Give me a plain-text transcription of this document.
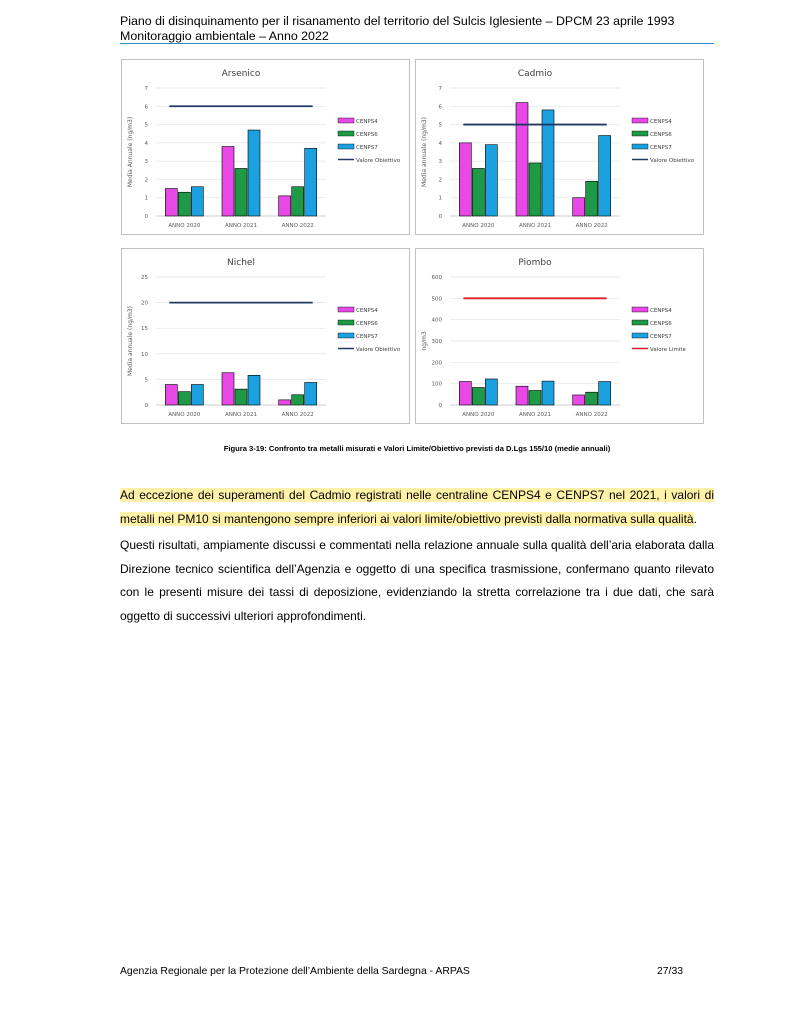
Piano di disinquinamento per il risanamento del territorio del Sulcis Iglesiente – DPCM 23 aprile 1993
Monitoraggio ambientale – Anno 2022
Arsenico
0
1
2
3
4
5
6
7
Media Annuale (ng/m3)
ANNO 2020	ANNO 2021	ANNO 2022
CENPS4
CENPS6
CENPS7
Valore Obiettivo
Cadmio
0
1
2
3
4
5
6
7
Media annuale (ng/m3)
ANNO 2020	ANNO 2021	ANNO 2022
CENPS4
CENPS6
CENPS7
Valore Obiettivo
Nichel
0
5
10
15
20
25
Media annuale (ng/m3)
ANNO 2020	ANNO 2021	ANNO 2022
CENPS4
CENPS6
CENPS7
Valore Obiettivo
Piombo
0
100
200
300
400
500
600
ng/m3
ANNO 2020	ANNO 2021	ANNO 2022
CENPS4
CENPS6
CENPS7
Valore Limite
Figura 3-19: Confronto tra metalli misurati e Valori Limite/Obiettivo previsti da D.Lgs 155/10 (medie annuali)

Ad eccezione dei superamenti del Cadmio registrati nelle centraline CENPS4 e CENPS7 nel 2021, i valori di metalli nel PM10 si mantengono sempre inferiori ai valori limite/obiettivo previsti dalla normativa sulla qualità.

Questi risultati, ampiamente discussi e commentati nella relazione annuale sulla qualità dell’aria elaborata dalla Direzione tecnico scientifica dell’Agenzia e oggetto di una specifica trasmissione, confermano quanto rilevato con le presenti misure dei tassi di deposizione, evidenziando la stretta correlazione tra i due dati, che sarà oggetto di successivi ulteriori approfondimenti.

Agenzia Regionale per la Protezione dell’Ambiente della Sardegna - ARPAS	27/33
